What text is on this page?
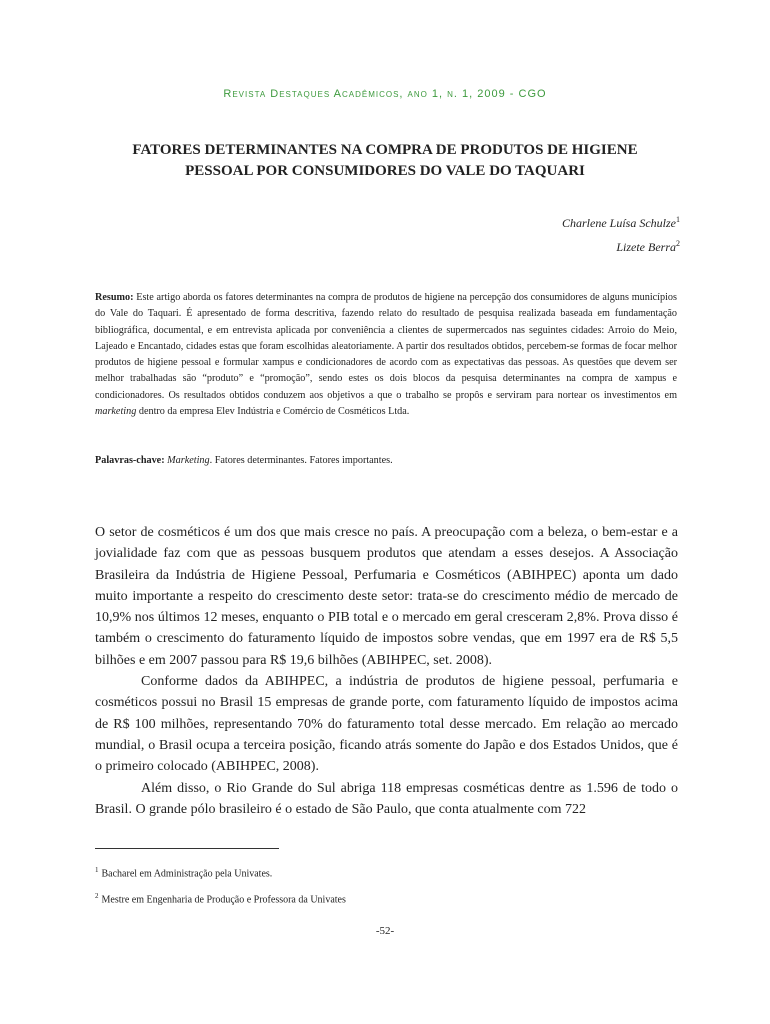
Revista Destaques Acadêmicos, ano 1, n. 1, 2009 - CGO
FATORES DETERMINANTES NA COMPRA DE PRODUTOS DE HIGIENE
PESSOAL POR CONSUMIDORES DO VALE DO TAQUARI
Charlene Luísa Schulze$^1$
Lizete Berra$^2$
Resumo: Este artigo aborda os fatores determinantes na compra de produtos de higiene na percepção dos consumidores de alguns municípios do Vale do Taquari. É apresentado de forma descritiva, fazendo relato do resultado de pesquisa realizada baseada em fundamentação bibliográfica, documental, e em entrevista aplicada por conveniência a clientes de supermercados nas seguintes cidades: Arroio do Meio, Lajeado e Encantado, cidades estas que foram escolhidas aleatoriamente. A partir dos resultados obtidos, percebem-se formas de focar melhor produtos de higiene pessoal e formular xampus e condicionadores de acordo com as expectativas das pessoas. As questões que devem ser melhor trabalhadas são “produto” e “promoção”, sendo estes os dois blocos da pesquisa determinantes na compra de xampus e condicionadores. Os resultados obtidos conduzem aos objetivos a que o trabalho se propôs e serviram para nortear os investimentos em marketing dentro da empresa Elev Indústria e Comércio de Cosméticos Ltda.
Palavras-chave: Marketing. Fatores determinantes. Fatores importantes.

O setor de cosméticos é um dos que mais cresce no país. A preocupação com a beleza, o bem-estar e a jovialidade faz com que as pessoas busquem produtos que atendam a esses desejos. A Associação Brasileira da Indústria de Higiene Pessoal, Perfumaria e Cosméticos (ABIHPEC) aponta um dado muito importante a respeito do crescimento deste setor: trata-se do crescimento médio de mercado de 10,9% nos últimos 12 meses, enquanto o PIB total e o mercado em geral cresceram 2,8%. Prova disso é também o crescimento do faturamento líquido de impostos sobre vendas, que em 1997 era de R$ 5,5 bilhões e em 2007 passou para R$ 19,6 bilhões (ABIHPEC, set. 2008).

Conforme dados da ABIHPEC, a indústria de produtos de higiene pessoal, perfumaria e cosméticos possui no Brasil 15 empresas de grande porte, com faturamento líquido de impostos acima de R$ 100 milhões, representando 70% do faturamento total desse mercado. Em relação ao mercado mundial, o Brasil ocupa a terceira posição, ficando atrás somente do Japão e dos Estados Unidos, que é o primeiro colocado (ABIHPEC, 2008).

Além disso, o Rio Grande do Sul abriga 118 empresas cosméticas dentre as 1.596 de todo o Brasil. O grande pólo brasileiro é o estado de São Paulo, que conta atualmente com 722

$^1$ Bacharel em Administração pela Univates.
$^2$ Mestre em Engenharia de Produção e Professora da Univates
-52-
